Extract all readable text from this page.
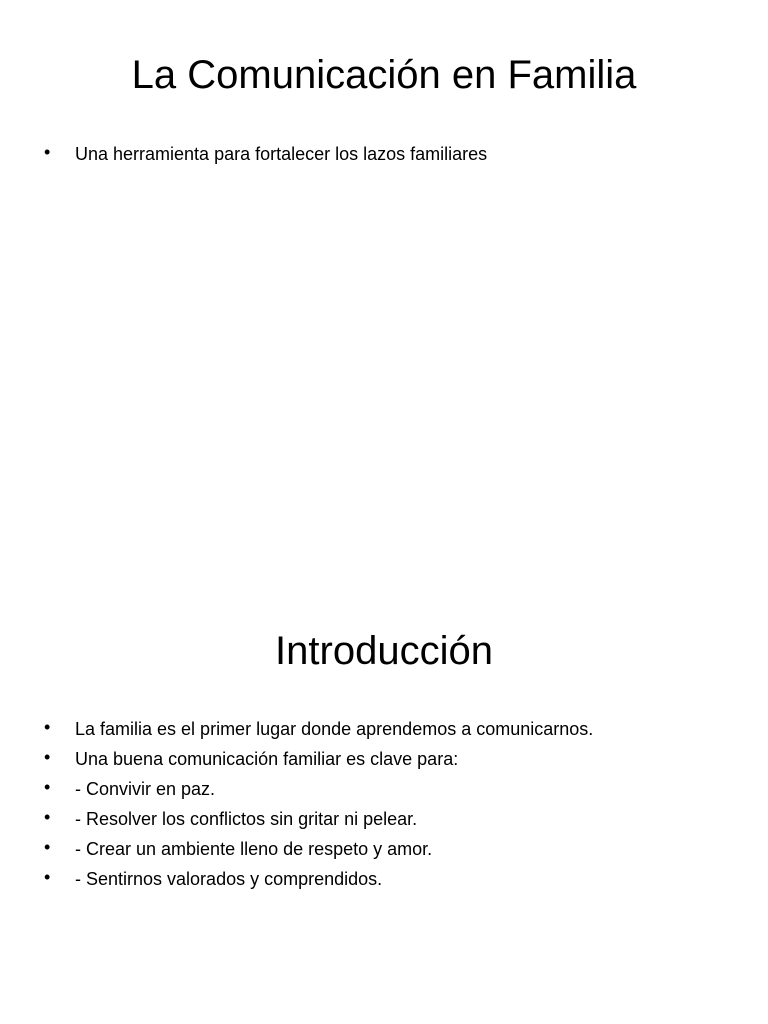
La Comunicación en Familia
•	Una herramienta para fortalecer los lazos familiares
Introducción
•	La familia es el primer lugar donde aprendemos a comunicarnos.
•	Una buena comunicación familiar es clave para:
•	- Convivir en paz.
•	- Resolver los conflictos sin gritar ni pelear.
•	- Crear un ambiente lleno de respeto y amor.
•	- Sentirnos valorados y comprendidos.
